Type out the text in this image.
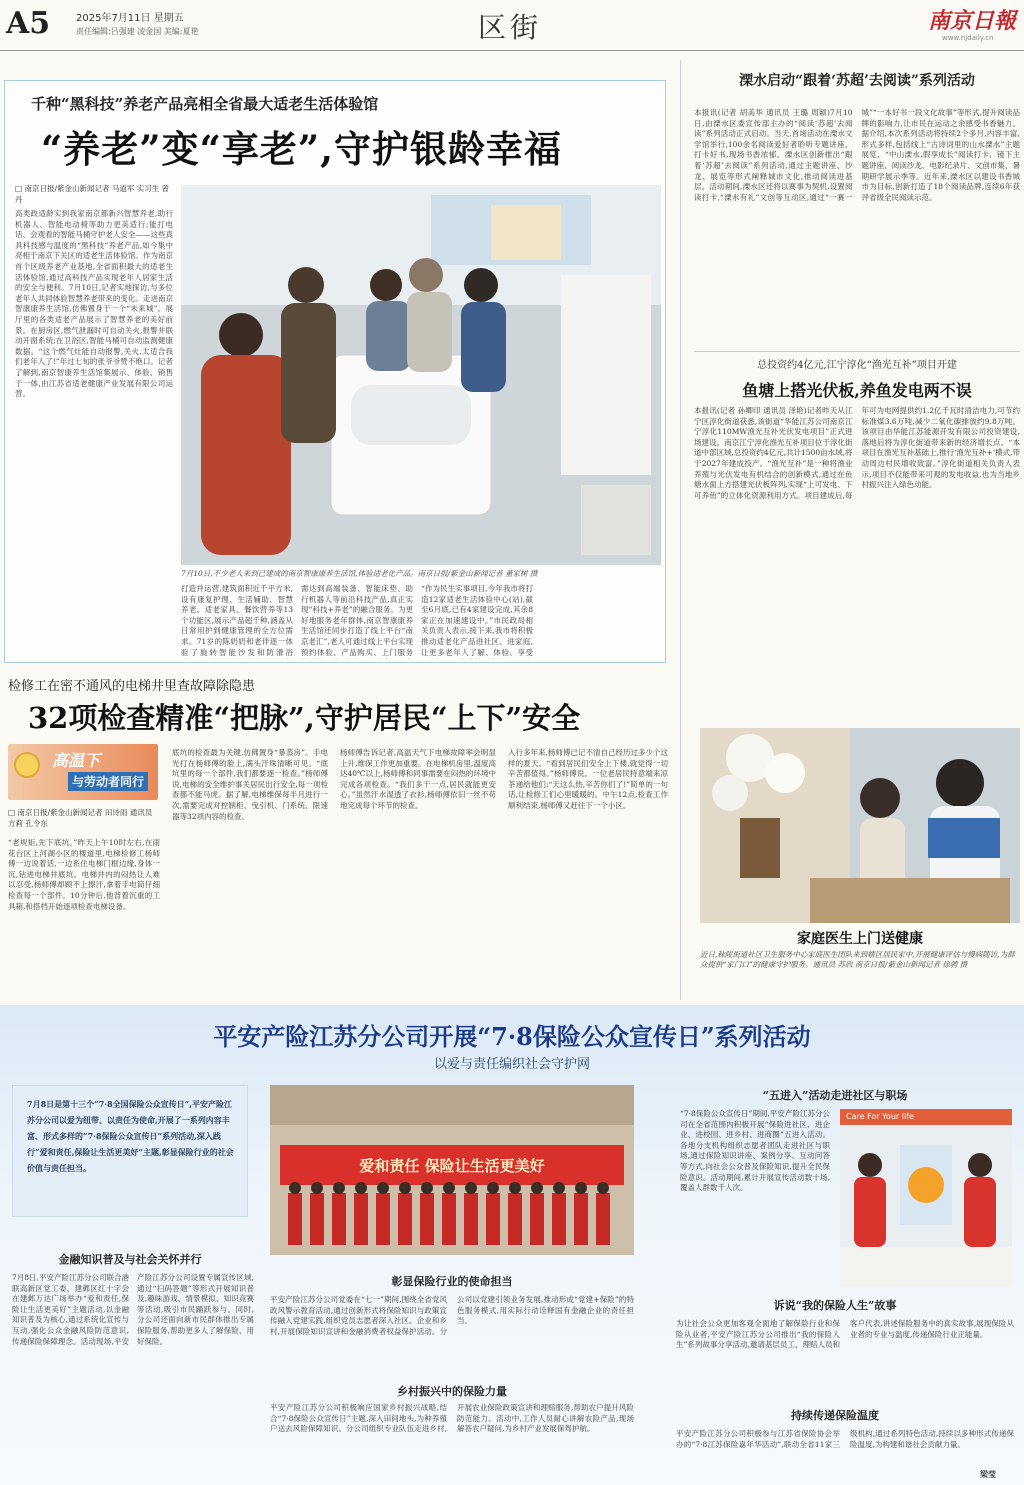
A5	2025年7月11日 星期五
责任编辑:吕强建 凌金国 美编:夏艳	区街	南京日報
www.njdaily.cn
千种“黑科技”养老产品亮相全省最大适老生活体验馆
“养老”变“享老”,守护银龄幸福
□ 南京日报/紫金山新闻记者 马道军 实习生 曾丹
高类政适龄实到我家南京都新兴智慧养老,助行机器人、智能电动椅等助力更美适行;能打电话、会观看的智能马桶守护老人安全——这些真具科技感与温度的“黑科技”养老产品,如今集中亮相于南京下关区的适老生活体验馆。作为南京首个区级养老产业基地,全省面积最大的适老生活体验馆,通过高科技产品实现老年人居家生活的安全与便利。7月10日,记者实地探访,与多位老年人共同体验智慧养老带来的变化。走进南京智康康养生活馆,仿佛置身于一个“未来城”。展厅里的各类适老产品展示了智慧养老的美好前景。在厨房区,燃气泄漏时可自动关火,报警并联动开窗系统;在卫浴区,智能马桶可自动监测健康数据。“这个燃气灶能自动报警,关火,太适合我们老年人了!”年过七旬的张爷爷赞不绝口。记者了解到,南京智康养生活馆集展示、体验、销售于一体,由江苏省适老健康产业发展有限公司运营。
7月10日,不少老人来到已建成的南京智康康养生活馆,体验适老化产品。南京日报/紫金山新闻记者 董家树 摄
打造并运营,建筑面积近千平方米,设有康复护理、生活辅助、智慧养老、适老家具、餐饮营养等13个功能区,展示产品超千种,涵盖从日常用护到健康管理的全方位需求。71岁的陈奶奶和老伴逐一体验了旋转智能沙发和防滑浴
需达到高端装备、智能床垫、助行机器人等前沿科技产品,真正实现“科技+养老”的融合服务。为更好地服务老年群体,南京智康康养生活馆还同步打造了线上平台“南京老汇”,老人可通过线上平台实现预约体验、产品购买、上门服务
“作为民生实事项目,今年我市将打造12家适老生活体验中心(站),截至6月底,已有4家建设完成,其余8家正在加速建设中。”市民政局相关负责人表示,接下来,我市将积极推动适老化产品进社区、进家庭,让更多老年人了解、体验、享受
溧水启动“跟着‘苏超’去阅读”系列活动
本报讯(记者 胡美华 通讯员 王璐 周颖)7月10日,由溧水区委宣传部主办的“阅读‘苏超’去阅读”系列活动正式启动。当天,首场活动在溧水文学馆举行,100余名阅读爱好者聆听专题讲座、打卡好书,现场书香浓郁。溧水区创新推出“跟着‘苏超’去阅读”系列活动,通过主题讲座、沙龙、展览等形式阐释城市文化,推动阅读进基层。活动期间,溧水区还将以赛事为契机,设置阅读打卡,“溧水有礼”文创等互动区,通过“一赛一城”“一本好书一段文化故事”等形式,提升阅读品牌的影响力,让市民在运动之余感受书香魅力。据介绍,本次系列活动将持续2个多月,内容丰富,形式多样,包括线上“古诗词里的山水溧水”主题展览、“中山溧水,假享成长”阅读打卡、镜下主题讲座、阅读沙龙、电影纪录片、文创市集、暑期研学展示季等。近年来,溧水区以建设书香城市为目标,创新打造了18个阅读品牌,连续6年获评省级全民阅读示范。
总投资约4亿元,江宁淳化“渔光互补”项目开建
鱼塘上搭光伏板,养鱼发电两不误
本报讯(记者 孙卿印 通讯员 泽艳)记者昨天从江宁区淳化街道获悉,该街道“华能江苏公司南京江宁淳化110MW渔光互补光伏发电项目”正式进场建设。南京江宁淳化渔光互补项目位于淳化街道中部区域,总投资约4亿元,共计1500亩水域,将于2027年建成投产。“渔光互补”是一种将渔业养殖与光伏发电有机结合的创新模式,通过在鱼塘水面上方搭建光伏板阵列,实现“上可发电、下可养鱼”的立体化资源利用方式。项目建成后,每年可为电网提供约1.2亿千瓦时清洁电力,可节约标准煤3.6万吨,减少二氧化碳排放约9.8万吨。该项目由华能江苏能源开发有限公司投资建设,落地后将为淳化街道带来新的经济增长点。“本项目在渔光互补基础上,推行‘渔光互补+’模式,带动周边村民增收致富。”淳化街道相关负责人表示,项目不仅能带来可观的发电收益,也为当地乡村振兴注入绿色动能。
家庭医生上门送健康
近日,秣陵街道社区卫生服务中心家庭医生团队来到辖区居民家中,开展健康评估与慢病随访,为群众提供“家门口”的健康守护服务。通讯员 苏欣 南京日报/紫金山新闻记者 徐骋 摄
检修工在密不通风的电梯井里查故障除隐患
32项检查精准“把脉”,守护居民“上下”安全
高温下
与劳动者同行
□ 南京日报/紫金山新闻记者 田诗雨 通讯员 方莉 孔令东
“老规矩,先下底坑。”昨天上午10时左右,在雨花台区上河湖小区的楼道里,电梯检修工杨师傅一边说着话,一边系住电梯门框边缘,身体一沉,钻进电梯井底坑。电梯井内的闷热让人难以忍受,杨师傅却顾不上擦汗,拿着手电筒仔细检查每一个部件。10分钟后,他背着沉重的工具箱,和搭档开始逐项检查电梯设备。
底坑的检查最为关键,仿佛置身“暴蒸房”。手电光打在杨师傅的脸上,满头汗珠清晰可见。“底坑里的每一个部件,我们都要逐一检查。”杨师傅说,电梯的安全维护事关居民出行安全,每一项检查都不能马虎。据了解,电梯维保每半月进行一次,需要完成对控制柜、曳引机、门系统、限速器等32项内容的检查。
杨师傅告诉记者,高温天气下电梯故障率会明显上升,维保工作更加重要。在电梯机房里,温度高达40℃以上,杨师傅和同事需要在闷热的环境中完成各项检查。“我们多干一点,居民就能更安心。”虽然汗水湿透了衣衫,杨师傅依旧一丝不苟地完成每个环节的检查。
入行多年来,杨师傅已记不清自己经历过多少个这样的夏天。“看到居民们安全上下楼,就觉得一切辛苦都值得。”杨师傅说。一位老居民特意端来凉茶递给他们:“天这么热,辛苦你们了!”简单的一句话,让检修工们心里暖暖的。中午12点,检查工作顺利结束,杨师傅又赶往下一个小区。
平安产险江苏分公司开展“7·8保险公众宣传日”系列活动
以爱与责任编织社会守护网
7月8日是第十三个“7·8全国保险公众宣传日”,平安产险江苏分公司以爱为纽带、以责任为使命,开展了一系列内容丰富、形式多样的“7·8保险公众宣传日”系列活动,深入践行“爱和责任,保险让生活更美好”主题,彰显保险行业的社会价值与责任担当。
金融知识普及与社会关怀并行
7月8日,平安产险江苏分公司联合港联高新区党工委、建邺区红十字会在建邺万达广场举办“爱和责任,保险让生活更美好”主题活动,以金融知识普及为核心,通过系统化宣传与互动,强化公众金融风险防范意识,传递保险保障理念。活动现场,平安产险江苏分公司设置专属宣传区域,通过“扫码答题”等形式开展知识普及,趣味游戏、情景模拟、知识竞赛等活动,吸引市民踊跃参与。同时,分公司还面向新市民群体推出专属保险服务,帮助更多人了解保险、用好保险。
爱和责任 保险让生活更美好
彰显保险行业的使命担当
平安产险江苏分公司党委在“七一”期间,围绕全省党风政风警示教育活动,通过创新形式将保险知识与政策宣传融入党建实践,组织党员志愿者深入社区、企业和乡村,开展保险知识宣讲和金融消费者权益保护活动。分公司以党建引领业务发展,推动形成“党建+保险”的特色服务模式,用实际行动诠释国有金融企业的责任担当。
乡村振兴中的保险力量
平安产险江苏分公司积极响应国家乡村振兴战略,结合“7·8保险公众宣传日”主题,深入田间地头,为种养殖户送去风险保障知识。分公司组织专业队伍走进乡村,开展农业保险政策宣讲和理赔服务,帮助农户提升风险防范能力。活动中,工作人员耐心讲解农险产品,现场解答农户疑问,为乡村产业发展保驾护航。
“五进入”活动走进社区与职场
“7·8保险公众宣传日”期间,平安产险江苏分公司在全省范围内积极开展“保险进社区、进企业、进校园、进乡村、进商圈”五进入活动。各地分支机构组织志愿者团队走进社区与职场,通过保险知识讲座、案例分享、互动问答等方式,向社会公众普及保险知识,提升全民保险意识。活动期间,累计开展宣传活动数十场,覆盖人群数千人次。
Care For Your life
诉说“我的保险人生”故事
为让社会公众更加客观全面地了解保险行业和保险从业者,平安产险江苏分公司推出“我的保险人生”系列故事分享活动,邀请基层员工、理赔人员和客户代表,讲述保险服务中的真实故事,展现保险从业者的专业与温度,传递保险行业正能量。
持续传递保险温度
平安产险江苏分公司积极参与江苏省保险协会举办的“7·8江苏保险嘉年华活动”,联动全省11家三级机构,通过系列特色活动,持续以多种形式传递保险温度,为构建和谐社会贡献力量。
梁莹
